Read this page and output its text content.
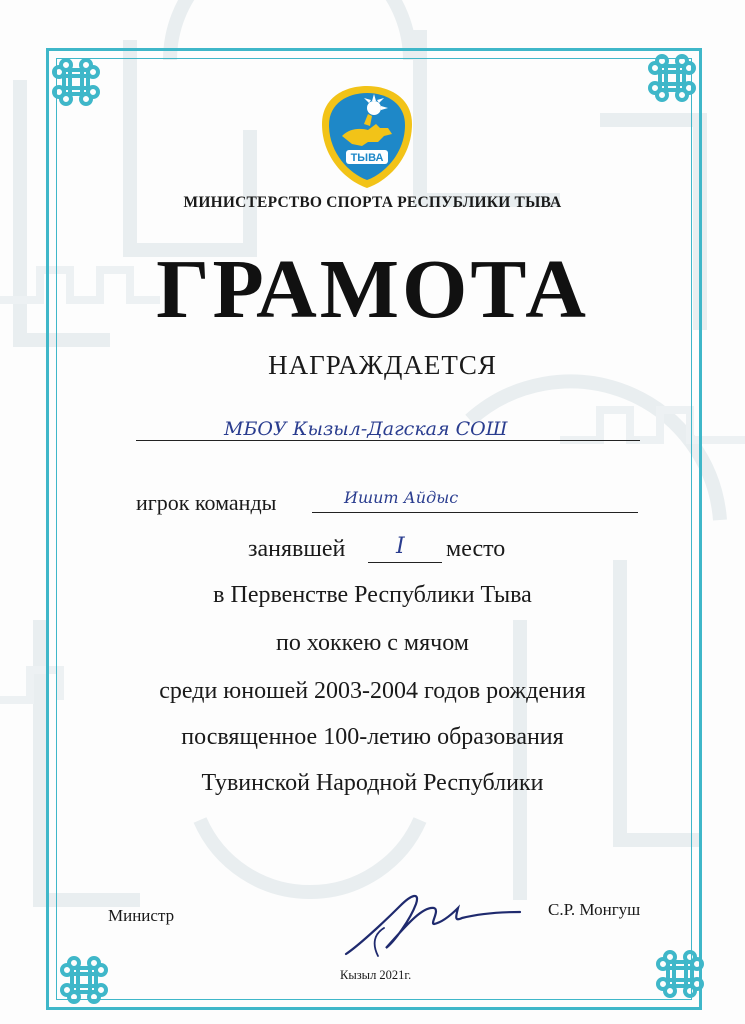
ТЫВА
МИНИСТЕРСТВО СПОРТА РЕСПУБЛИКИ ТЫВА
ГРАМОТА
НАГРАЖДАЕТСЯ
МБОУ Кызыл-Дагская СОШ
игрок команды	Ишит Айдыс
занявшей I место
в Первенстве Республики Тыва
по хоккею с мячом
среди юношей 2003-2004 годов рождения
посвященное 100-летию образования
Тувинской Народной Республики
Министр	С.Р. Монгуш
Кызыл 2021г.
